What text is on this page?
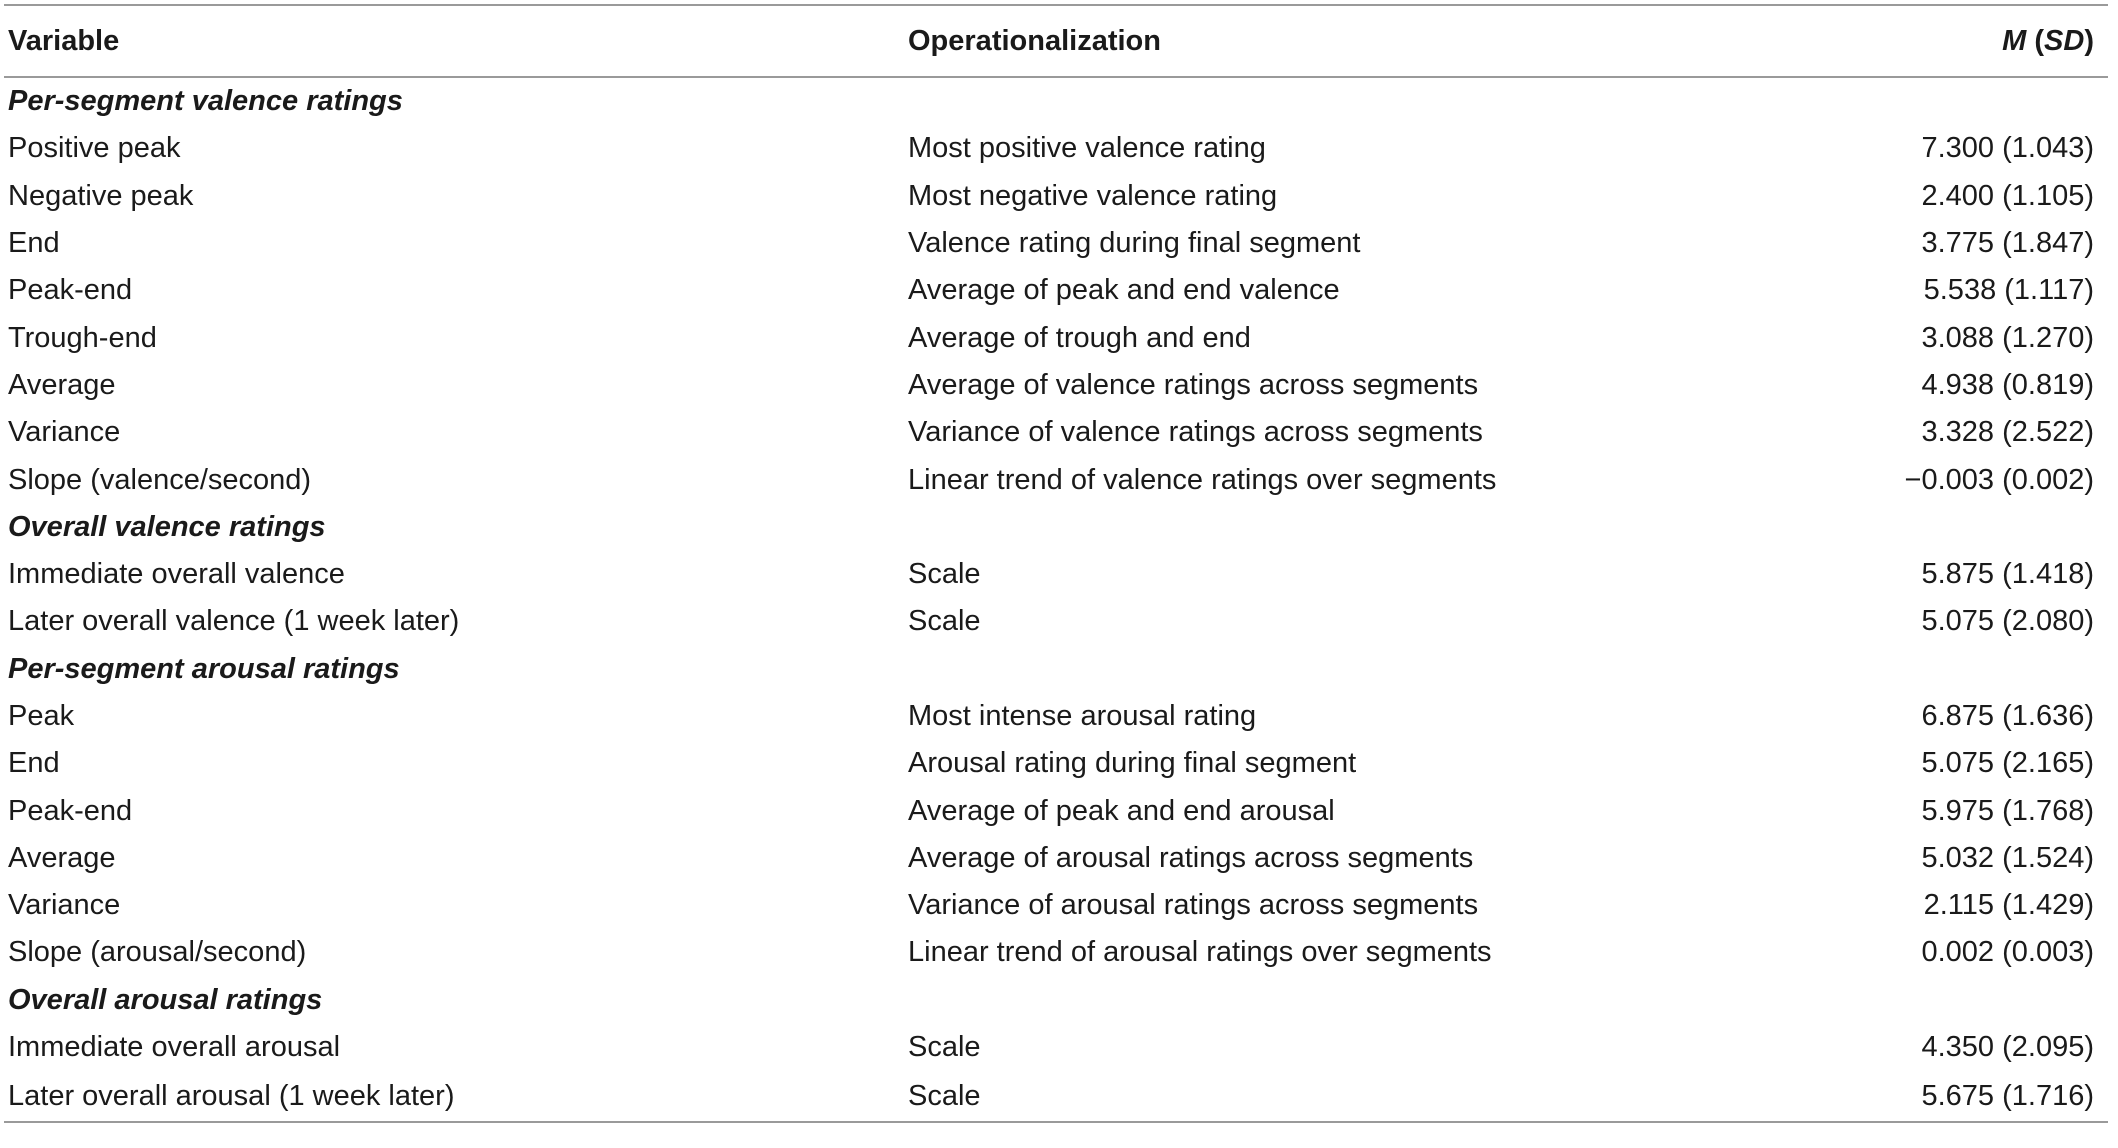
Variable	Operationalization	M (SD)
Per-segment valence ratings		
Positive peak	Most positive valence rating	7.300 (1.043)
Negative peak	Most negative valence rating	2.400 (1.105)
End	Valence rating during final segment	3.775 (1.847)
Peak-end	Average of peak and end valence	5.538 (1.117)
Trough-end	Average of trough and end	3.088 (1.270)
Average	Average of valence ratings across segments	4.938 (0.819)
Variance	Variance of valence ratings across segments	3.328 (2.522)
Slope (valence/second)	Linear trend of valence ratings over segments	−0.003 (0.002)
Overall valence ratings		
Immediate overall valence	Scale	5.875 (1.418)
Later overall valence (1 week later)	Scale	5.075 (2.080)
Per-segment arousal ratings		
Peak	Most intense arousal rating	6.875 (1.636)
End	Arousal rating during final segment	5.075 (2.165)
Peak-end	Average of peak and end arousal	5.975 (1.768)
Average	Average of arousal ratings across segments	5.032 (1.524)
Variance	Variance of arousal ratings across segments	2.115 (1.429)
Slope (arousal/second)	Linear trend of arousal ratings over segments	0.002 (0.003)
Overall arousal ratings		
Immediate overall arousal	Scale	4.350 (2.095)
Later overall arousal (1 week later)	Scale	5.675 (1.716)
